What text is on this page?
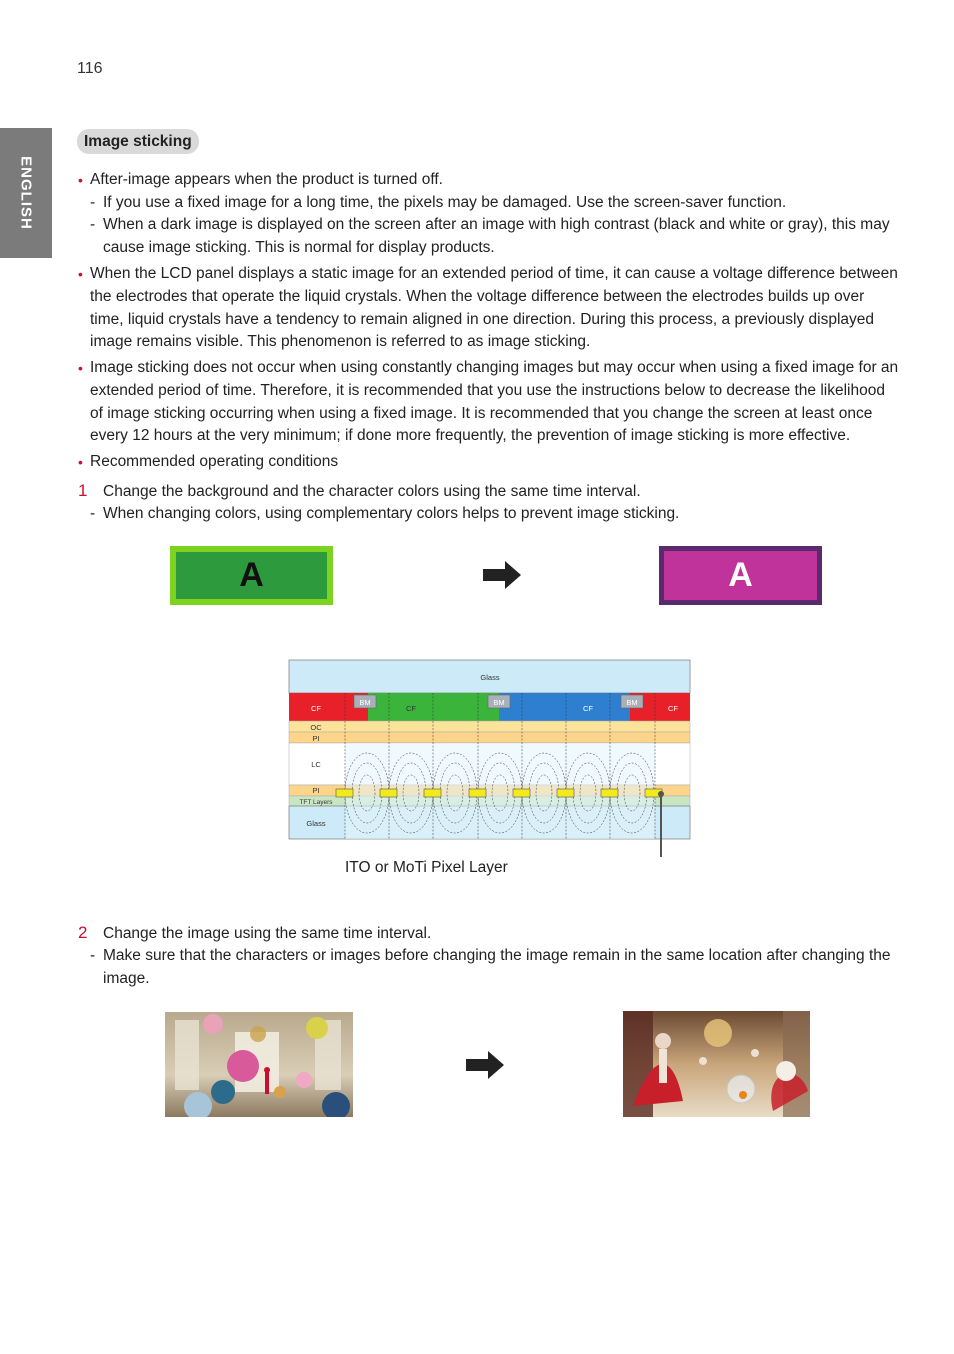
116
ENGLISH
Image sticking
• After-image appears when the product is turned off.
- If you use a fixed image for a long time, the pixels may be damaged. Use the screen-saver function.
- When a dark image is displayed on the screen after an image with high contrast (black and white or gray), this may
cause image sticking. This is normal for display products.
• When the LCD panel displays a static image for an extended period of time, it can cause a voltage difference between
the electrodes that operate the liquid crystals. When the voltage difference between the electrodes builds up over
time, liquid crystals have a tendency to remain aligned in one direction. During this process, a previously displayed
image remains visible. This phenomenon is referred to as image sticking.
• Image sticking does not occur when using constantly changing images but may occur when using a fixed image for an
extended period of time. Therefore, it is recommended that you use the instructions below to decrease the likelihood
of image sticking occurring when using a fixed image. It is recommended that you change the screen at least once
every 12 hours at the very minimum; if done more frequently, the prevention of image sticking is more effective.
• Recommended operating conditions
1 Change the background and the character colors using the same time interval.
- When changing colors, using complementary colors helps to prevent image sticking.
A	A
Glass
BM	BM	BM
CF	CF	CF	CF
OC
PI
LC
PI
TFT Layers
Glass
ITO or MoTi Pixel Layer
2 Change the image using the same time interval.
- Make sure that the characters or images before changing the image remain in the same location after changing the
image.
